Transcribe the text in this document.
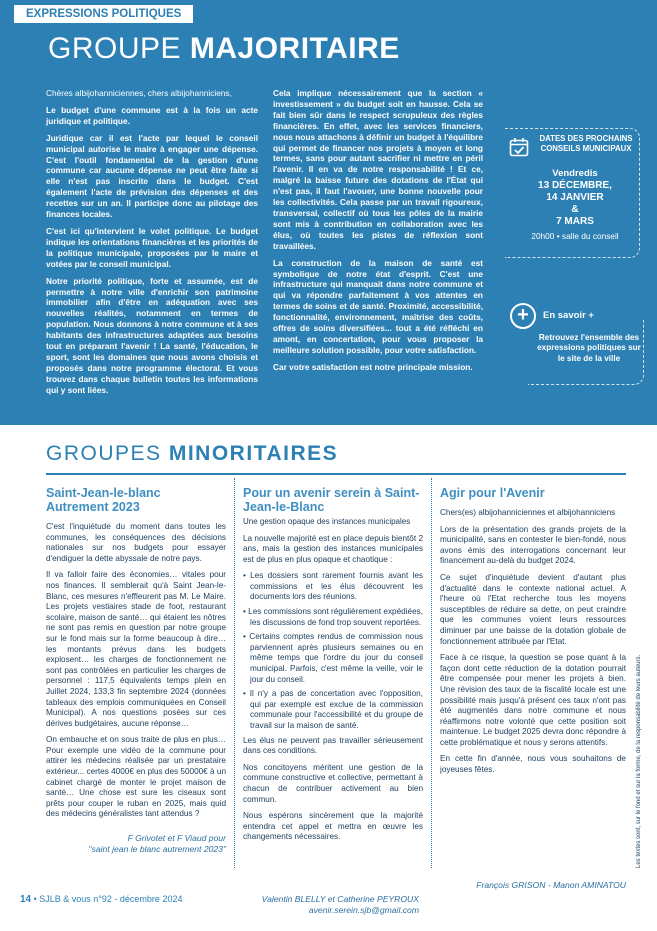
EXPRESSIONS POLITIQUES
GROUPE MAJORITAIRE

Chères albijohanniciennes, chers albijohanniciens,

Le budget d'une commune est à la fois un acte juridique et politique.

Juridique car il est l'acte par lequel le conseil municipal autorise le maire à engager une dépense. C'est l'outil fondamental de la gestion d'une commune car aucune dépense ne peut être faite si elle n'est pas inscrite dans le budget. C'est également l'acte de prévision des dépenses et des recettes sur un an. Il participe donc au pilotage des finances locales.

C'est ici qu'intervient le volet politique. Le budget indique les orientations financières et les priorités de la politique municipale, proposées par le maire et votées par le conseil municipal.

Notre priorité politique, forte et assumée, est de permettre à notre ville d'enrichir son patrimoine immobilier afin d'être en adéquation avec ses nouvelles réalités, notamment en termes de population. Nous donnons à notre commune et à ses habitants des infrastructures adaptées aux besoins tout en préparant l'avenir ! La santé, l'éducation, le sport, sont les domaines que nous avons choisis et proposés dans notre programme électoral. Et vous trouvez dans chaque bulletin toutes les informations qui y sont liées.

Cela implique nécessairement que la section « investissement » du budget soit en hausse. Cela se fait bien sûr dans le respect scrupuleux des règles financières. En effet, avec les services financiers, nous nous attachons à définir un budget à l'équilibre qui permet de financer nos projets à moyen et long termes, sans pour autant sacrifier ni mettre en péril l'avenir. Il en va de notre responsabilité ! Et ce, malgré la baisse future des dotations de l'État qui n'est pas, il faut l'avouer, une bonne nouvelle pour les collectivités. Cela passe par un travail rigoureux, transversal, collectif où tous les pôles de la mairie sont mis à contribution en collaboration avec les élus, où toutes les pistes de réflexion sont travaillées.

La construction de la maison de santé est symbolique de notre état d'esprit. C'est une infrastructure qui manquait dans notre commune et qui va répondre parfaitement à vos attentes en termes de soins et de santé. Proximité, accessibilité, fonctionnalité, environnement, maîtrise des coûts, offres de soins diversifiées... tout a été réfléchi en amont, en concertation, pour vous proposer la meilleure solution possible, pour votre satisfaction.

Car votre satisfaction est notre principale mission.

DATES DES PROCHAINS CONSEILS MUNICIPAUX
Vendredis
13 DÉCEMBRE,
14 JANVIER
&
7 MARS
20h00 • salle du conseil
+	En savoir +
Retrouvez l'ensemble des expressions politiques sur le site de la ville
GROUPES MINORITAIRES
Saint-Jean-le-blanc Autrement 2023

C'est l'inquiétude du moment dans toutes les communes, les conséquences des décisions nationales sur nos budgets pour essayer d'endiguer la dette abyssale de notre pays.

Il va falloir faire des économies… vitales pour nos finances. Il semblerait qu'à Saint Jean-le-Blanc, ces mesures n'effleurent pas M. Le Maire. Les projets vestiaires stade de foot, restaurant scolaire, maison de santé… qui étaient les nôtres ne sont pas remis en question par notre groupe sur le fond mais sur la forme beaucoup à dire… les montants prévus dans les budgets explosent… les charges de fonctionnement ne sont pas contrôlées en particulier les charges de personnel : 117,5 équivalents temps plein en Juillet 2024, 133,3 fin septembre 2024 (données tableaux des emplois communiquées en Conseil Municipal). A nos questions posées sur ces dérives budgétaires, aucune réponse…

On embauche et on sous traite de plus en plus… Pour exemple une vidéo de la commune pour attirer les médecins réalisée par un prestataire extérieur... certes 4000€ en plus des 50000€ à un cabinet chargé de monter le projet maison de santé… Une chose est sure les ciseaux sont prêts pour couper le ruban en 2025, mais quid des médecins généralistes tant attendus ?

F Grivotet et F Viaud pour
"saint jean le blanc autrement 2023"
Pour un avenir serein à Saint-Jean-le-Blanc
Une gestion opaque des instances municipales

La nouvelle majorité est en place depuis bientôt 2 ans, mais la gestion des instances municipales est de plus en plus opaque et chaotique :

• Les dossiers sont rarement fournis avant les commissions et les élus découvrent les documents lors des réunions.
• Les commissions sont régulièrement expédiées, les discussions de fond trop souvent reportées.
• Certains comptes rendus de commission nous parviennent après plusieurs semaines ou en même temps que l'ordre du jour du conseil municipal. Parfois, c'est même la veille, voir le jour du conseil.
• Il n'y a pas de concertation avec l'opposition, qui par exemple est exclue de la commission communale pour l'accessibilité et du groupe de travail sur la maison de santé.

Les élus ne peuvent pas travailler sérieusement dans ces conditions.

Nos concitoyens méritent une gestion de la commune constructive et collective, permettant à chacun de contribuer activement au bien commun.

Nous espérons sincèrement que la majorité entendra cet appel et mettra en œuvre les changements nécessaires.

Valentin BLELLY et Catherine PEYROUX
avenir.serein.sjb@gmail.com
Agir pour l'Avenir

Chers(es) albijohanniciennes et albijohanniciens

Lors de la présentation des grands projets de la municipalité, sans en contester le bien-fondé, nous avons émis des interrogations concernant leur financement au-delà du budget 2024.

Ce sujet d'inquiétude devient d'autant plus d'actualité dans le contexte national actuel. A l'heure où l'Etat recherche tous les moyens susceptibles de réduire sa dette, on peut craindre que les communes voient leurs ressources diminuer par une baisse de la dotation globale de fonctionnement attribuée par l'Etat.

Face à ce risque, la question se pose quant à la façon dont cette réduction de la dotation pourrait être compensée pour mener les projets à bien. Une révision des taux de la fiscalité locale est une possibilité mais jusqu'à présent ces taux n'ont pas été augmentés dans notre commune et nous réaffirmons notre volonté que cette position soit maintenue. Le budget 2025 devra donc répondre à cette problématique et nous y serons attentifs.

En cette fin d'année, nous vous souhaitons de joyeuses fêtes.

François GRISON - Manon AMINATOU
Les textes sont, sur le fond et sur la forme, de la responsabilité de leurs auteurs.
14 • SJLB & vous n°92 - décembre 2024
